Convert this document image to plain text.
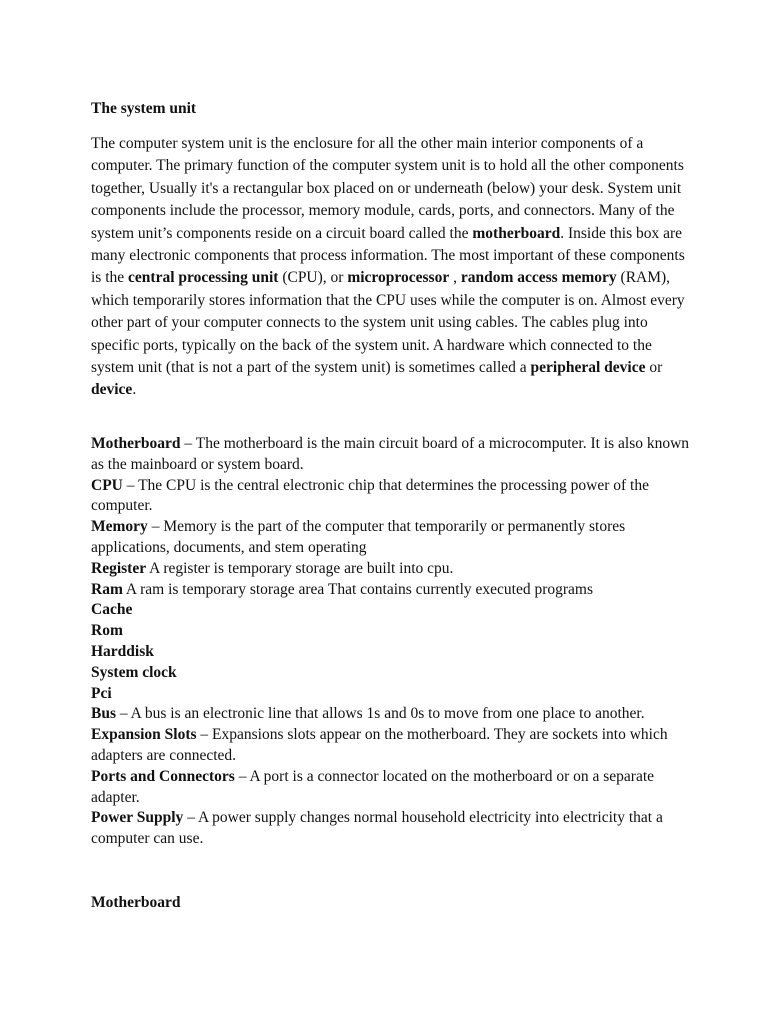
The system unit

The computer system unit is the enclosure for all the other main interior components of a computer. The primary function of the computer system unit is to hold all the other components together, Usually it's a rectangular box placed on or underneath (below) your desk. System unit components include the processor, memory module, cards, ports, and connectors. Many of the system unit’s components reside on a circuit board called the motherboard. Inside this box are many electronic components that process information. The most important of these components is the central processing unit (CPU), or microprocessor , random access memory (RAM), which temporarily stores information that the CPU uses while the computer is on. Almost every other part of your computer connects to the system unit using cables. The cables plug into specific ports, typically on the back of the system unit. A hardware which connected to the system unit (that is not a part of the system unit) is sometimes called a peripheral device or device.

Motherboard – The motherboard is the main circuit board of a microcomputer. It is also known as the mainboard or system board.

CPU – The CPU is the central electronic chip that determines the processing power of the computer.

Memory – Memory is the part of the computer that temporarily or permanently stores applications, documents, and stem operating

Register A register is temporary storage are built into cpu.

Ram A ram is temporary storage area That contains currently executed programs

Cache

Rom

Harddisk

System clock

Pci

Bus – A bus is an electronic line that allows 1s and 0s to move from one place to another.

Expansion Slots – Expansions slots appear on the motherboard. They are sockets into which adapters are connected.

Ports and Connectors – A port is a connector located on the motherboard or on a separate adapter.

Power Supply – A power supply changes normal household electricity into electricity that a computer can use.

Motherboard
